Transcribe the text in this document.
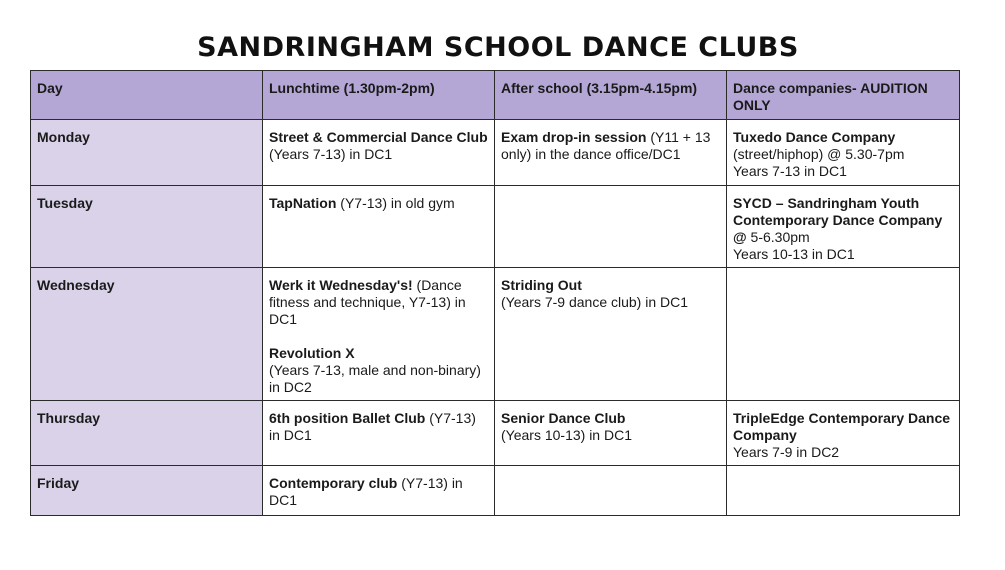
SANDRINGHAM SCHOOL DANCE CLUBS
Day	Lunchtime (1.30pm-2pm)	After school (3.15pm-4.15pm)	Dance companies- AUDITION ONLY
Monday	Street & Commercial Dance Club (Years 7-13) in DC1	Exam drop-in session (Y11 + 13 only) in the dance office/DC1	Tuxedo Dance Company
(street/hiphop) @ 5.30-7pm
Years 7-13 in DC1

Tuesday	TapNation (Y7-13) in old gym		SYCD – Sandringham Youth Contemporary Dance Company @ 5-6.30pm
Years 10-13 in DC1

Wednesday	Werk it Wednesday's! (Dance fitness and technique, Y7-13) in DC1
Revolution X
(Years 7-13, male and non-binary) in DC2	Striding Out
(Years 7-9 dance club) in DC1	

Thursday	6th position Ballet Club (Y7-13) in DC1	Senior Dance Club
(Years 10-13) in DC1	TripleEdge Contemporary Dance Company
Years 7-9 in DC2

Friday	Contemporary club (Y7-13) in DC1		
